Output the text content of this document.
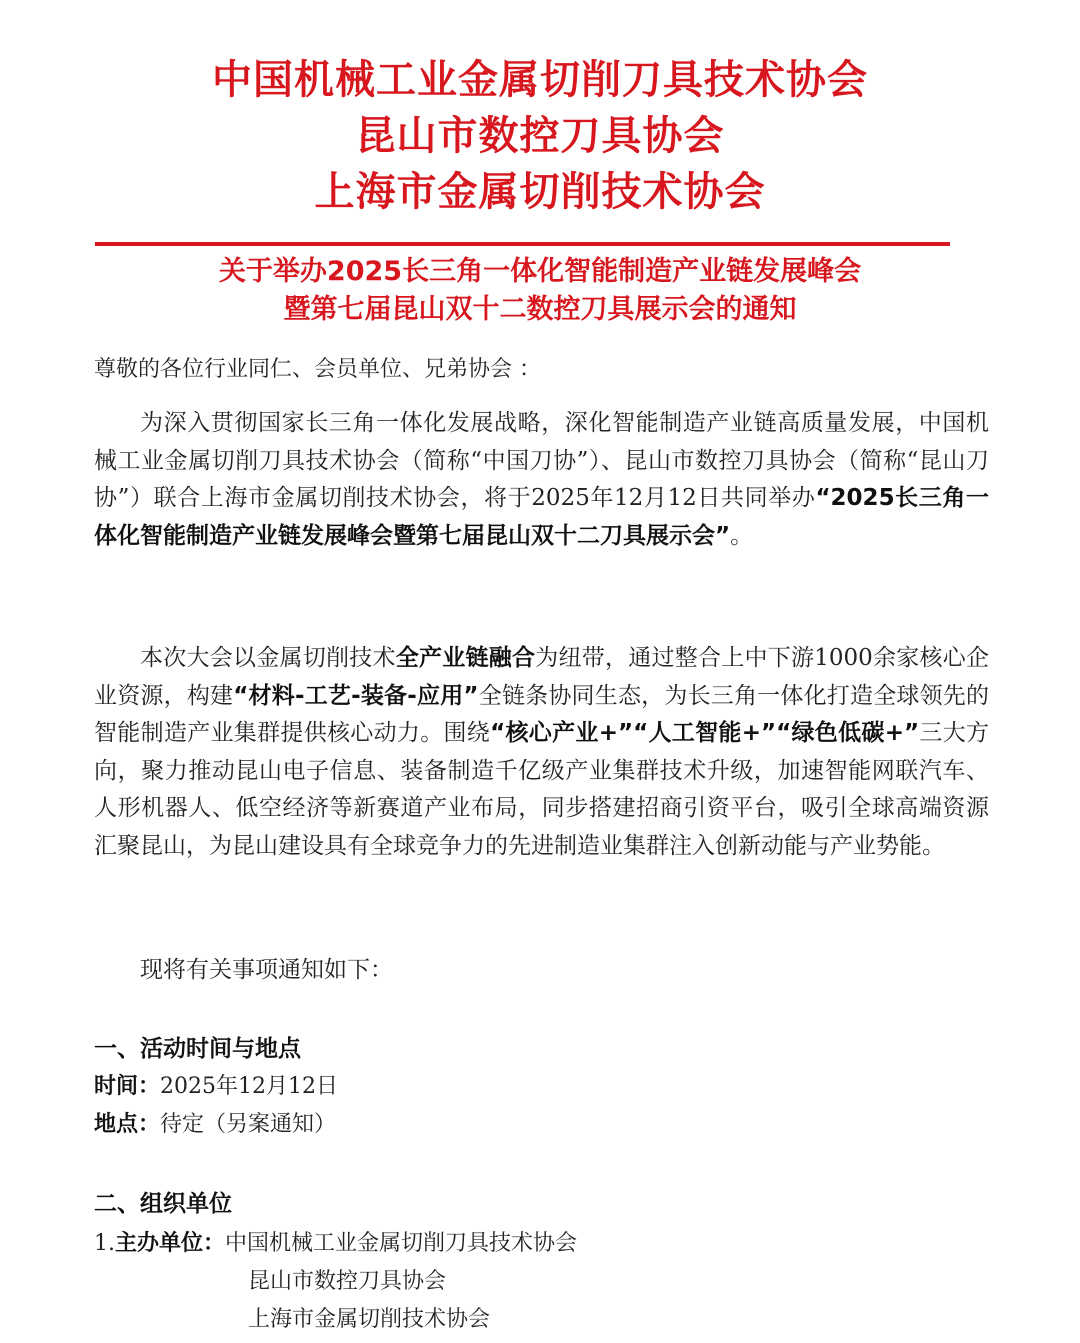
中国机械工业金属切削刀具技术协会
昆山市数控刀具协会
上海市金属切削技术协会
关于举办2025长三角一体化智能制造产业链发展峰会
暨第七届昆山双十二数控刀具展示会的通知
尊敬的各位行业同仁、会员单位、兄弟协会 ：

为深入贯彻国家长三角一体化发展战略，深化智能制造产业链高质量发展，中国机械工业金属切削刀具技术协会（简称“中国刀协”）、昆山市数控刀具协会（简称“昆山刀协”）联合上海市金属切削技术协会，将于2025年12月12日共同举办“2025长三角一体化智能制造产业链发展峰会暨第七届昆山双十二刀具展示会”。

本次大会以金属切削技术全产业链融合为纽带，通过整合上中下游1000余家核心企业资源，构建“材料-工艺-装备-应用”全链条协同生态，为长三角一体化打造全球领先的智能制造产业集群提供核心动力。围绕“核心产业+”“人工智能+”“绿色低碳+”三大方向，聚力推动昆山电子信息、装备制造千亿级产业集群技术升级，加速智能网联汽车、人形机器人、低空经济等新赛道产业布局，同步搭建招商引资平台，吸引全球高端资源汇聚昆山，为昆山建设具有全球竞争力的先进制造业集群注入创新动能与产业势能。

现将有关事项通知如下：

一、活动时间与地点
时间：2025年12月12日
地点：待定（另案通知）
二、组织单位
1.主办单位：中国机械工业金属切削刀具技术协会
昆山市数控刀具协会
上海市金属切削技术协会
